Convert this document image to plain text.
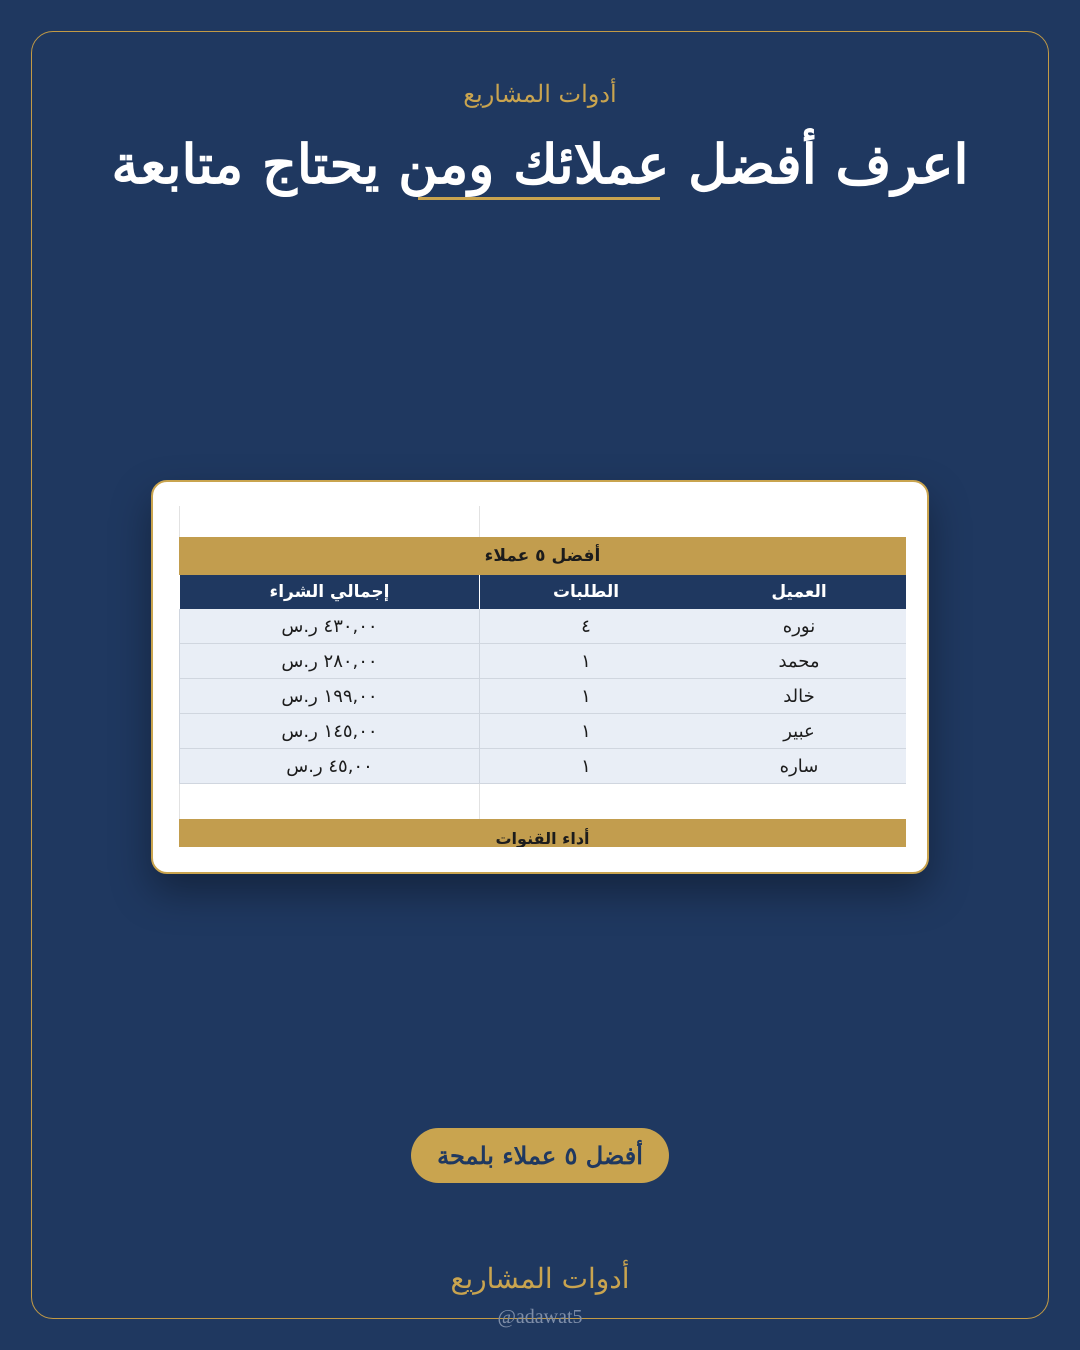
أدوات المشاريع
اعرف أفضل عملائك ومن يحتاج متابعة
أفضل ٥ عملاء
العميل
الطلبات
إجمالي الشراء
نوره
٤
٤٣٠,٠٠ ر.س
محمد
١
٢٨٠,٠٠ ر.س
خالد
١
١٩٩,٠٠ ر.س
عبير
١
١٤٥,٠٠ ر.س
ساره
١
٤٥,٠٠ ر.س
أداء القنوات
أفضل ٥ عملاء بلمحة
أدوات المشاريع
@adawat5
